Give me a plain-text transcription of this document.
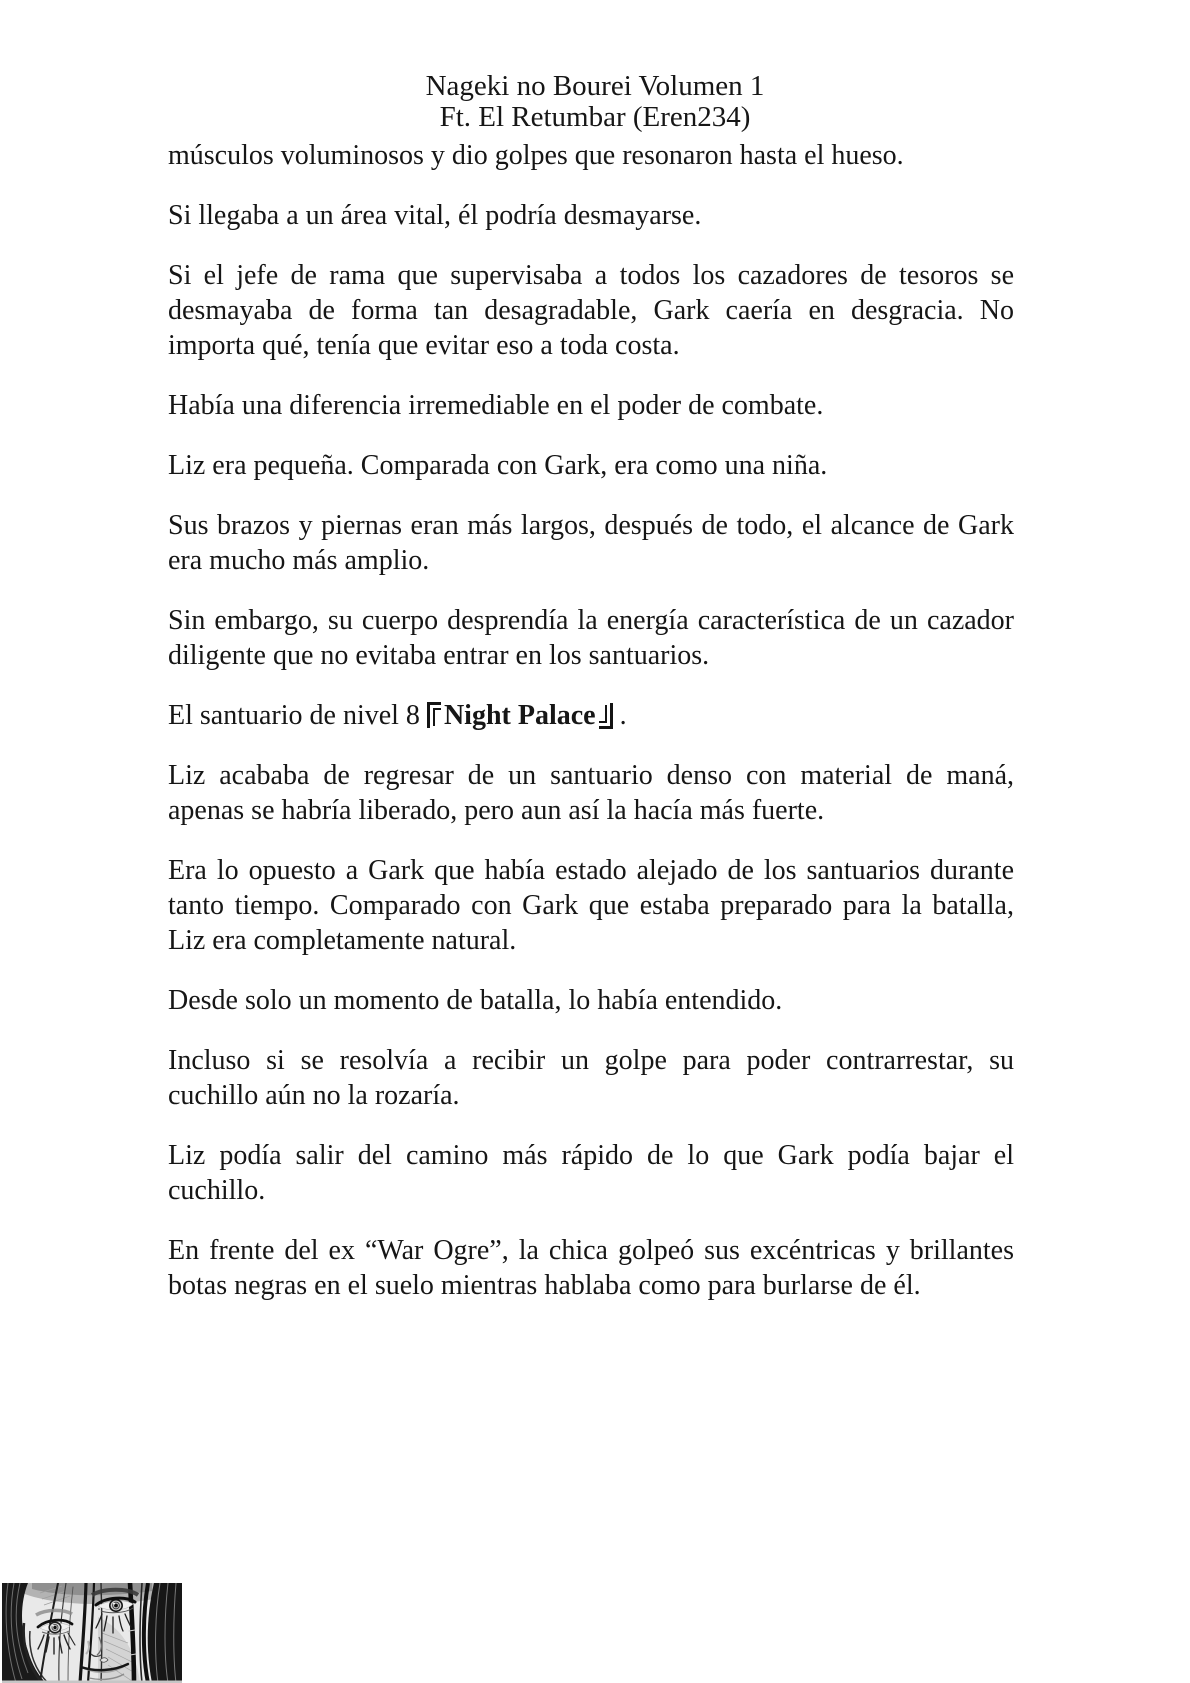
Nageki no Bourei Volumen 1
Ft. El Retumbar (Eren234)

músculos voluminosos y dio golpes que resonaron hasta el hueso.

Si llegaba a un área vital, él podría desmayarse.

Si el jefe de rama que supervisaba a todos los cazadores de tesoros se desmayaba de forma tan desagradable, Gark caería en desgracia. No importa qué, tenía que evitar eso a toda costa.

Había una diferencia irremediable en el poder de combate.

Liz era pequeña. Comparada con Gark, era como una niña.

Sus brazos y piernas eran más largos, después de todo, el alcance de Gark era mucho más amplio.

Sin embargo, su cuerpo desprendía la energía característica de un cazador diligente que no evitaba entrar en los santuarios.

El santuario de nivel 8 Night Palace .

Liz acababa de regresar de un santuario denso con material de maná, apenas se habría liberado, pero aun así la hacía más fuerte.

Era lo opuesto a Gark que había estado alejado de los santuarios durante tanto tiempo. Comparado con Gark que estaba preparado para la batalla, Liz era completamente natural.

Desde solo un momento de batalla, lo había entendido.

Incluso si se resolvía a recibir un golpe para poder contrarrestar, su cuchillo aún no la rozaría.

Liz podía salir del camino más rápido de lo que Gark podía bajar el cuchillo.

En frente del ex “War Ogre”, la chica golpeó sus excéntricas y brillantes botas negras en el suelo mientras hablaba como para burlarse de él.
